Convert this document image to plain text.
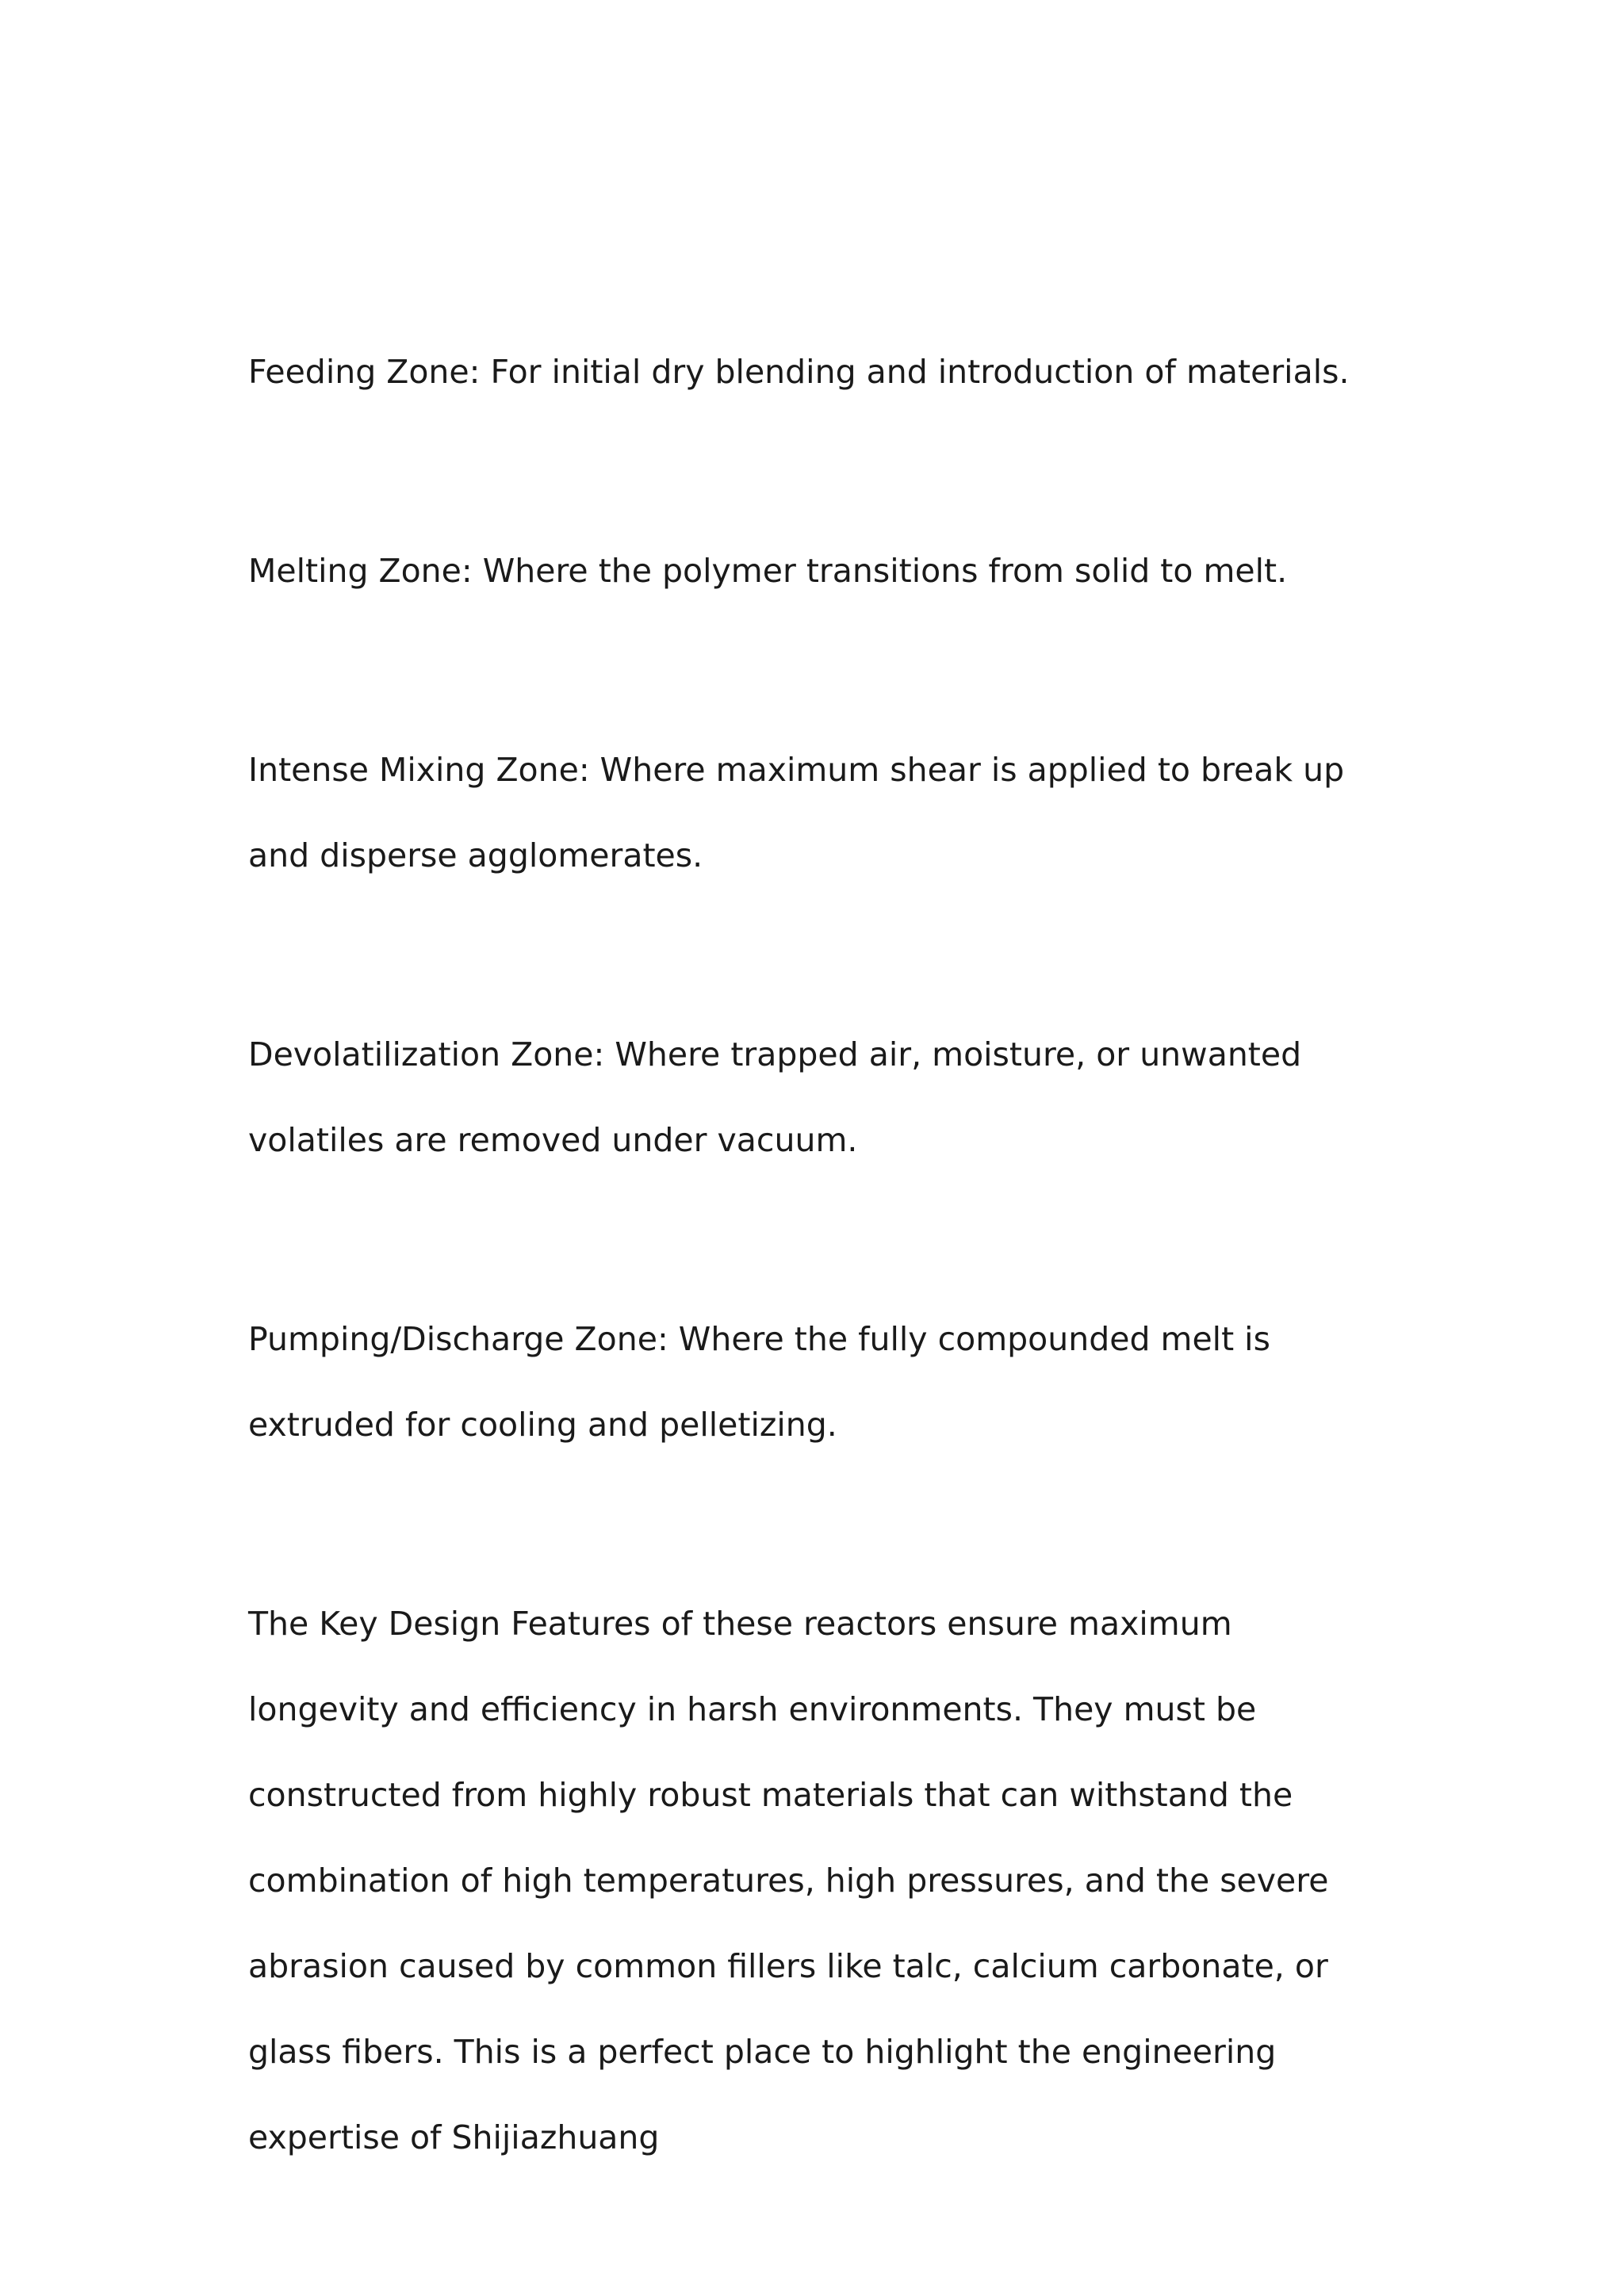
Feeding Zone: For initial dry blending and introduction of materials.

Melting Zone: Where the polymer transitions from solid to melt.

Intense Mixing Zone: Where maximum shear is applied to break up and disperse agglomerates.

Devolatilization Zone: Where trapped air, moisture, or unwanted volatiles are removed under vacuum.

Pumping/Discharge Zone: Where the fully compounded melt is extruded for cooling and pelletizing.

The Key Design Features of these reactors ensure maximum longevity and efficiency in harsh environments. They must be constructed from highly robust materials that can withstand the combination of high temperatures, high pressures, and the severe abrasion caused by common fillers like talc, calcium carbonate, or glass fibers. This is a perfect place to highlight the engineering expertise of Shijiazhuang
